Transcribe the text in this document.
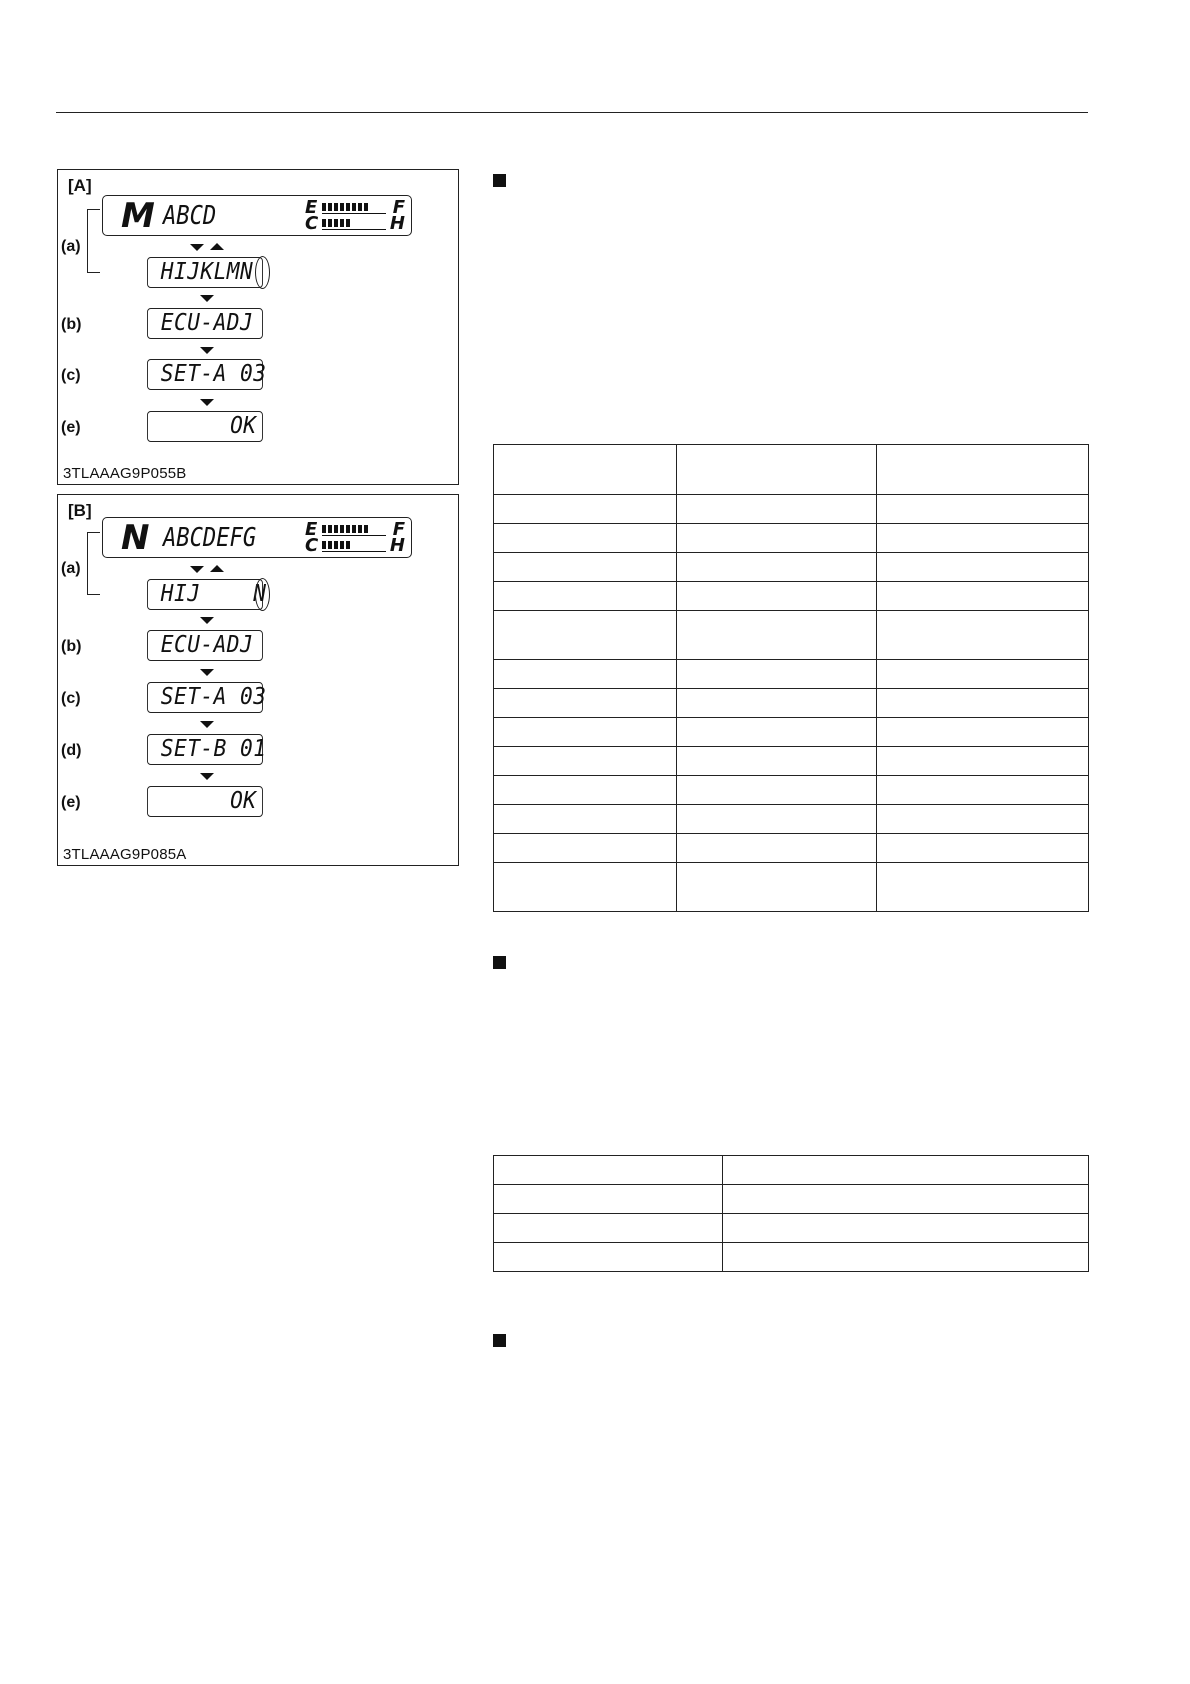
[A]
M ABCD	E
C
F
H
(a)
HIJKLMN
(b)	ECU-ADJ
(c)	SET-A 03
(e)	OK
3TLAAAG9P055B
[B]
N ABCDEFG	E
C
F
H
(a)
HIJ    N
(b)	ECU-ADJ
(c)	SET-A 03
(d)	SET-B 01
(e)	OK
3TLAAAG9P085A
